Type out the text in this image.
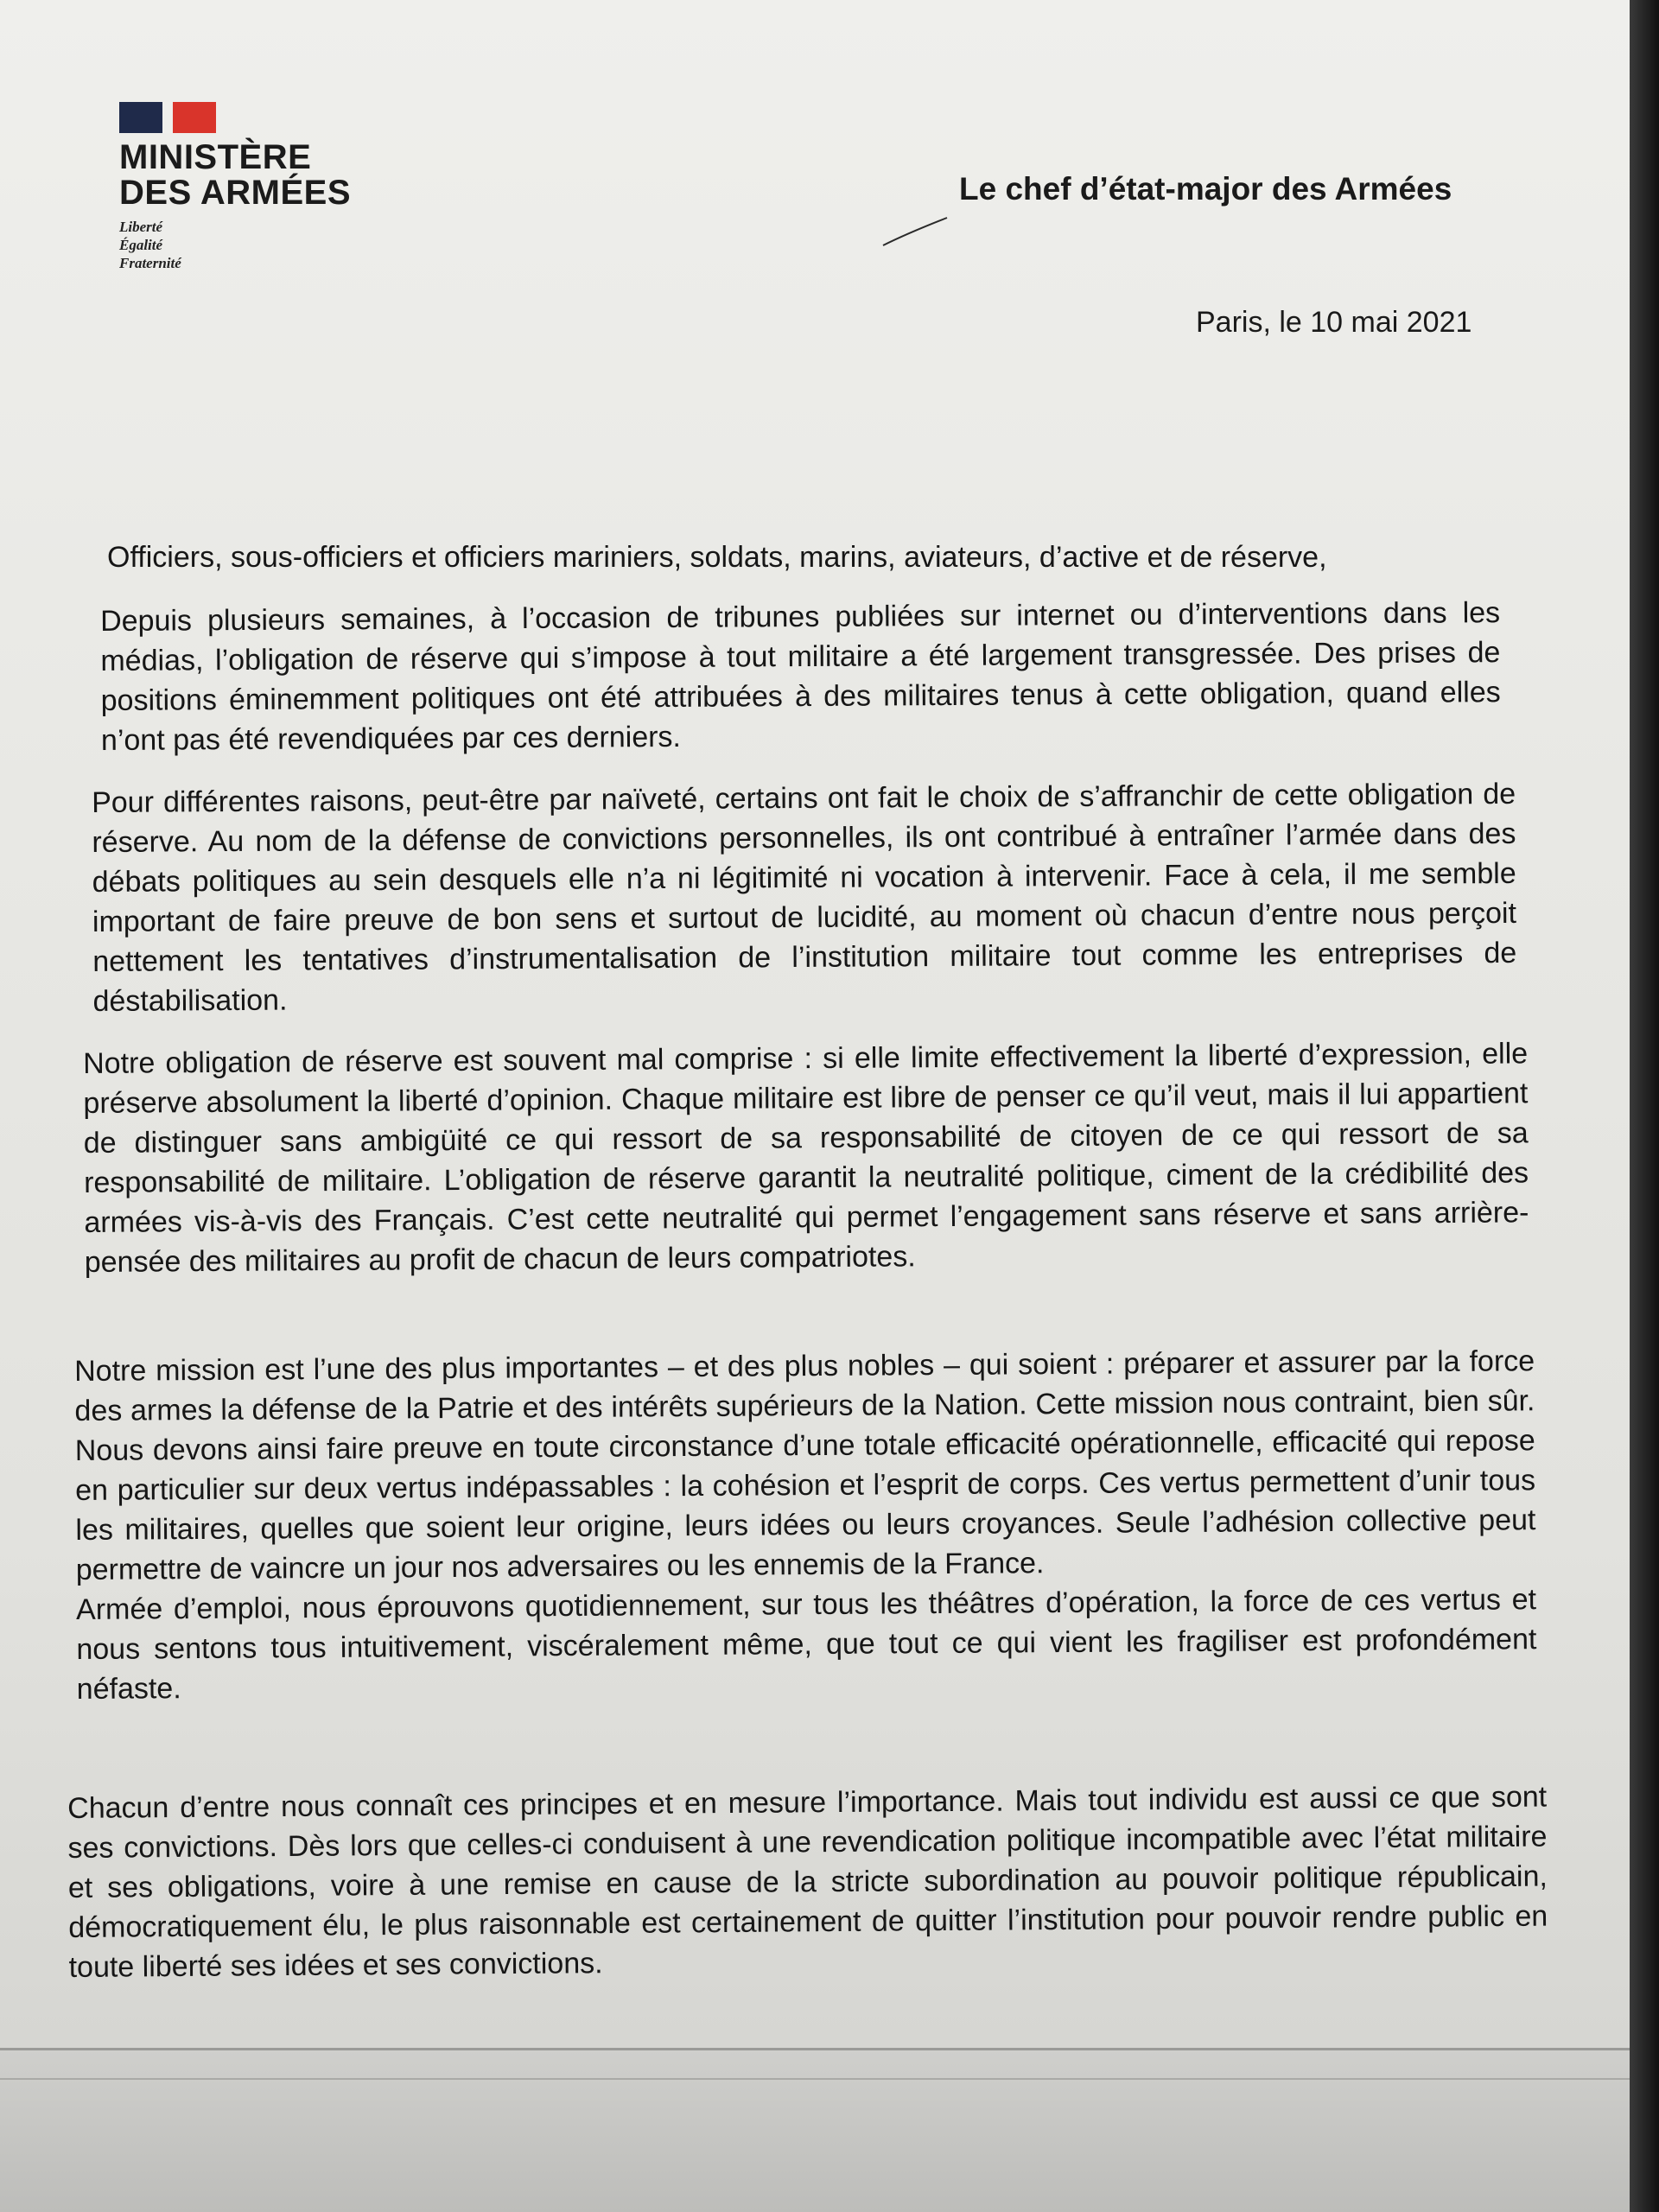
MINISTÈRE
DES ARMÉES
Liberté
Égalité
Fraternité
Le chef d’état-major des Armées
Paris, le 10 mai 2021

Officiers, sous-officiers et officiers mariniers, soldats, marins, aviateurs, d’active et de réserve,

Depuis plusieurs semaines, à l’occasion de tribunes publiées sur internet ou d’interventions dans les médias, l’obligation de réserve qui s’impose à tout militaire a été largement transgressée. Des prises de positions éminemment politiques ont été attribuées à des militaires tenus à cette obligation, quand elles n’ont pas été revendiquées par ces derniers.

Pour différentes raisons, peut-être par naïveté, certains ont fait le choix de s’affranchir de cette obligation de réserve. Au nom de la défense de convictions personnelles, ils ont contribué à entraîner l’armée dans des débats politiques au sein desquels elle n’a ni légitimité ni vocation à intervenir. Face à cela, il me semble important de faire preuve de bon sens et surtout de lucidité, au moment où chacun d’entre nous perçoit nettement les tentatives d’instrumentalisation de l’institution militaire tout comme les entreprises de déstabilisation.

Notre obligation de réserve est souvent mal comprise : si elle limite effectivement la liberté d’expression, elle préserve absolument la liberté d’opinion. Chaque militaire est libre de penser ce qu’il veut, mais il lui appartient de distinguer sans ambigüité ce qui ressort de sa responsabilité de citoyen de ce qui ressort de sa responsabilité de militaire. L’obligation de réserve garantit la neutralité politique, ciment de la crédibilité des armées vis-à-vis des Français. C’est cette neutralité qui permet l’engagement sans réserve et sans arrière-pensée des militaires au profit de chacun de leurs compatriotes.

Notre mission est l’une des plus importantes – et des plus nobles – qui soient : préparer et assurer par la force des armes la défense de la Patrie et des intérêts supérieurs de la Nation. Cette mission nous contraint, bien sûr. Nous devons ainsi faire preuve en toute circonstance d’une totale efficacité opérationnelle, efficacité qui repose en particulier sur deux vertus indépassables : la cohésion et l’esprit de corps. Ces vertus permettent d’unir tous les militaires, quelles que soient leur origine, leurs idées ou leurs croyances. Seule l’adhésion collective peut permettre de vaincre un jour nos adversaires ou les ennemis de la France.
Armée d’emploi, nous éprouvons quotidiennement, sur tous les théâtres d’opération, la force de ces vertus et nous sentons tous intuitivement, viscéralement même, que tout ce qui vient les fragiliser est profondément néfaste.

Chacun d’entre nous connaît ces principes et en mesure l’importance. Mais tout individu est aussi ce que sont ses convictions. Dès lors que celles-ci conduisent à une revendication politique incompatible avec l’état militaire et ses obligations, voire à une remise en cause de la stricte subordination au pouvoir politique républicain, démocratiquement élu, le plus raisonnable est certainement de quitter l’institution pour pouvoir rendre public en toute liberté ses idées et ses convictions.
